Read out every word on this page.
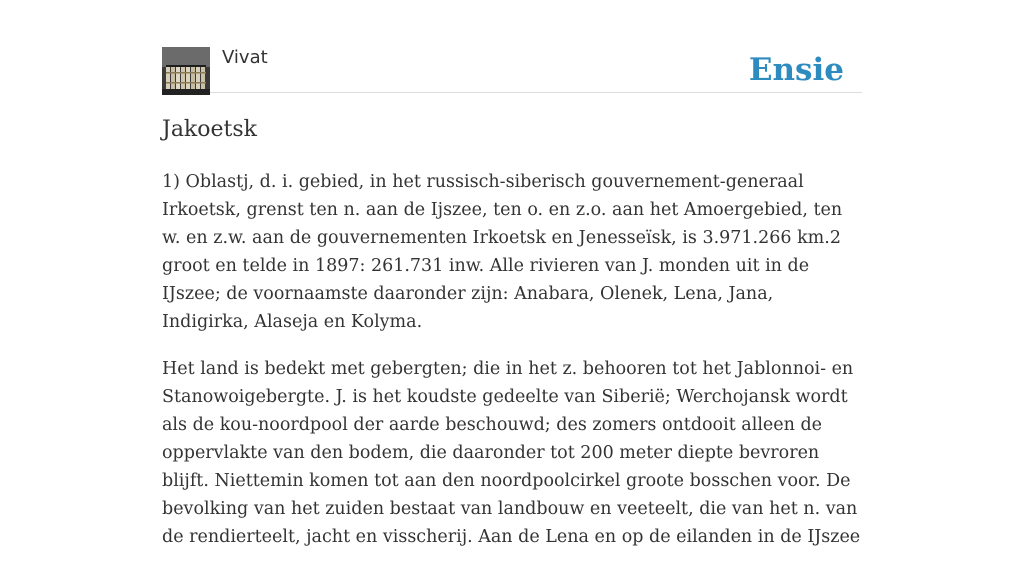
Vivat	Ensie
Jakoetsk

1) Oblastj, d. i. gebied, in het russisch-siberisch gouvernement-generaal Irkoetsk, grenst ten n. aan de Ijszee, ten o. en z.o. aan het Amoergebied, ten w. en z.w. aan de gouvernementen Irkoetsk en Jenesseïsk, is 3.971.266 km.2 groot en telde in 1897: 261.731 inw. Alle rivieren van J. monden uit in de IJszee; de voornaamste daaronder zijn: Anabara, Olenek, Lena, Jana, Indigirka, Alaseja en Kolyma.

Het land is bedekt met gebergten; die in het z. behooren tot het Jablonnoi- en Stanowoigebergte. J. is het koudste gedeelte van Siberië; Werchojansk wordt als de kou-noordpool der aarde beschouwd; des zomers ontdooit alleen de oppervlakte van den bodem, die daaronder tot 200 meter diepte bevroren blijft. Niettemin komen tot aan den noordpoolcirkel groote bosschen voor. De bevolking van het zuiden bestaat van landbouw en veeteelt, die van het n. van de rendierteelt, jacht en visscherij. Aan de Lena en op de eilanden in de IJszee
